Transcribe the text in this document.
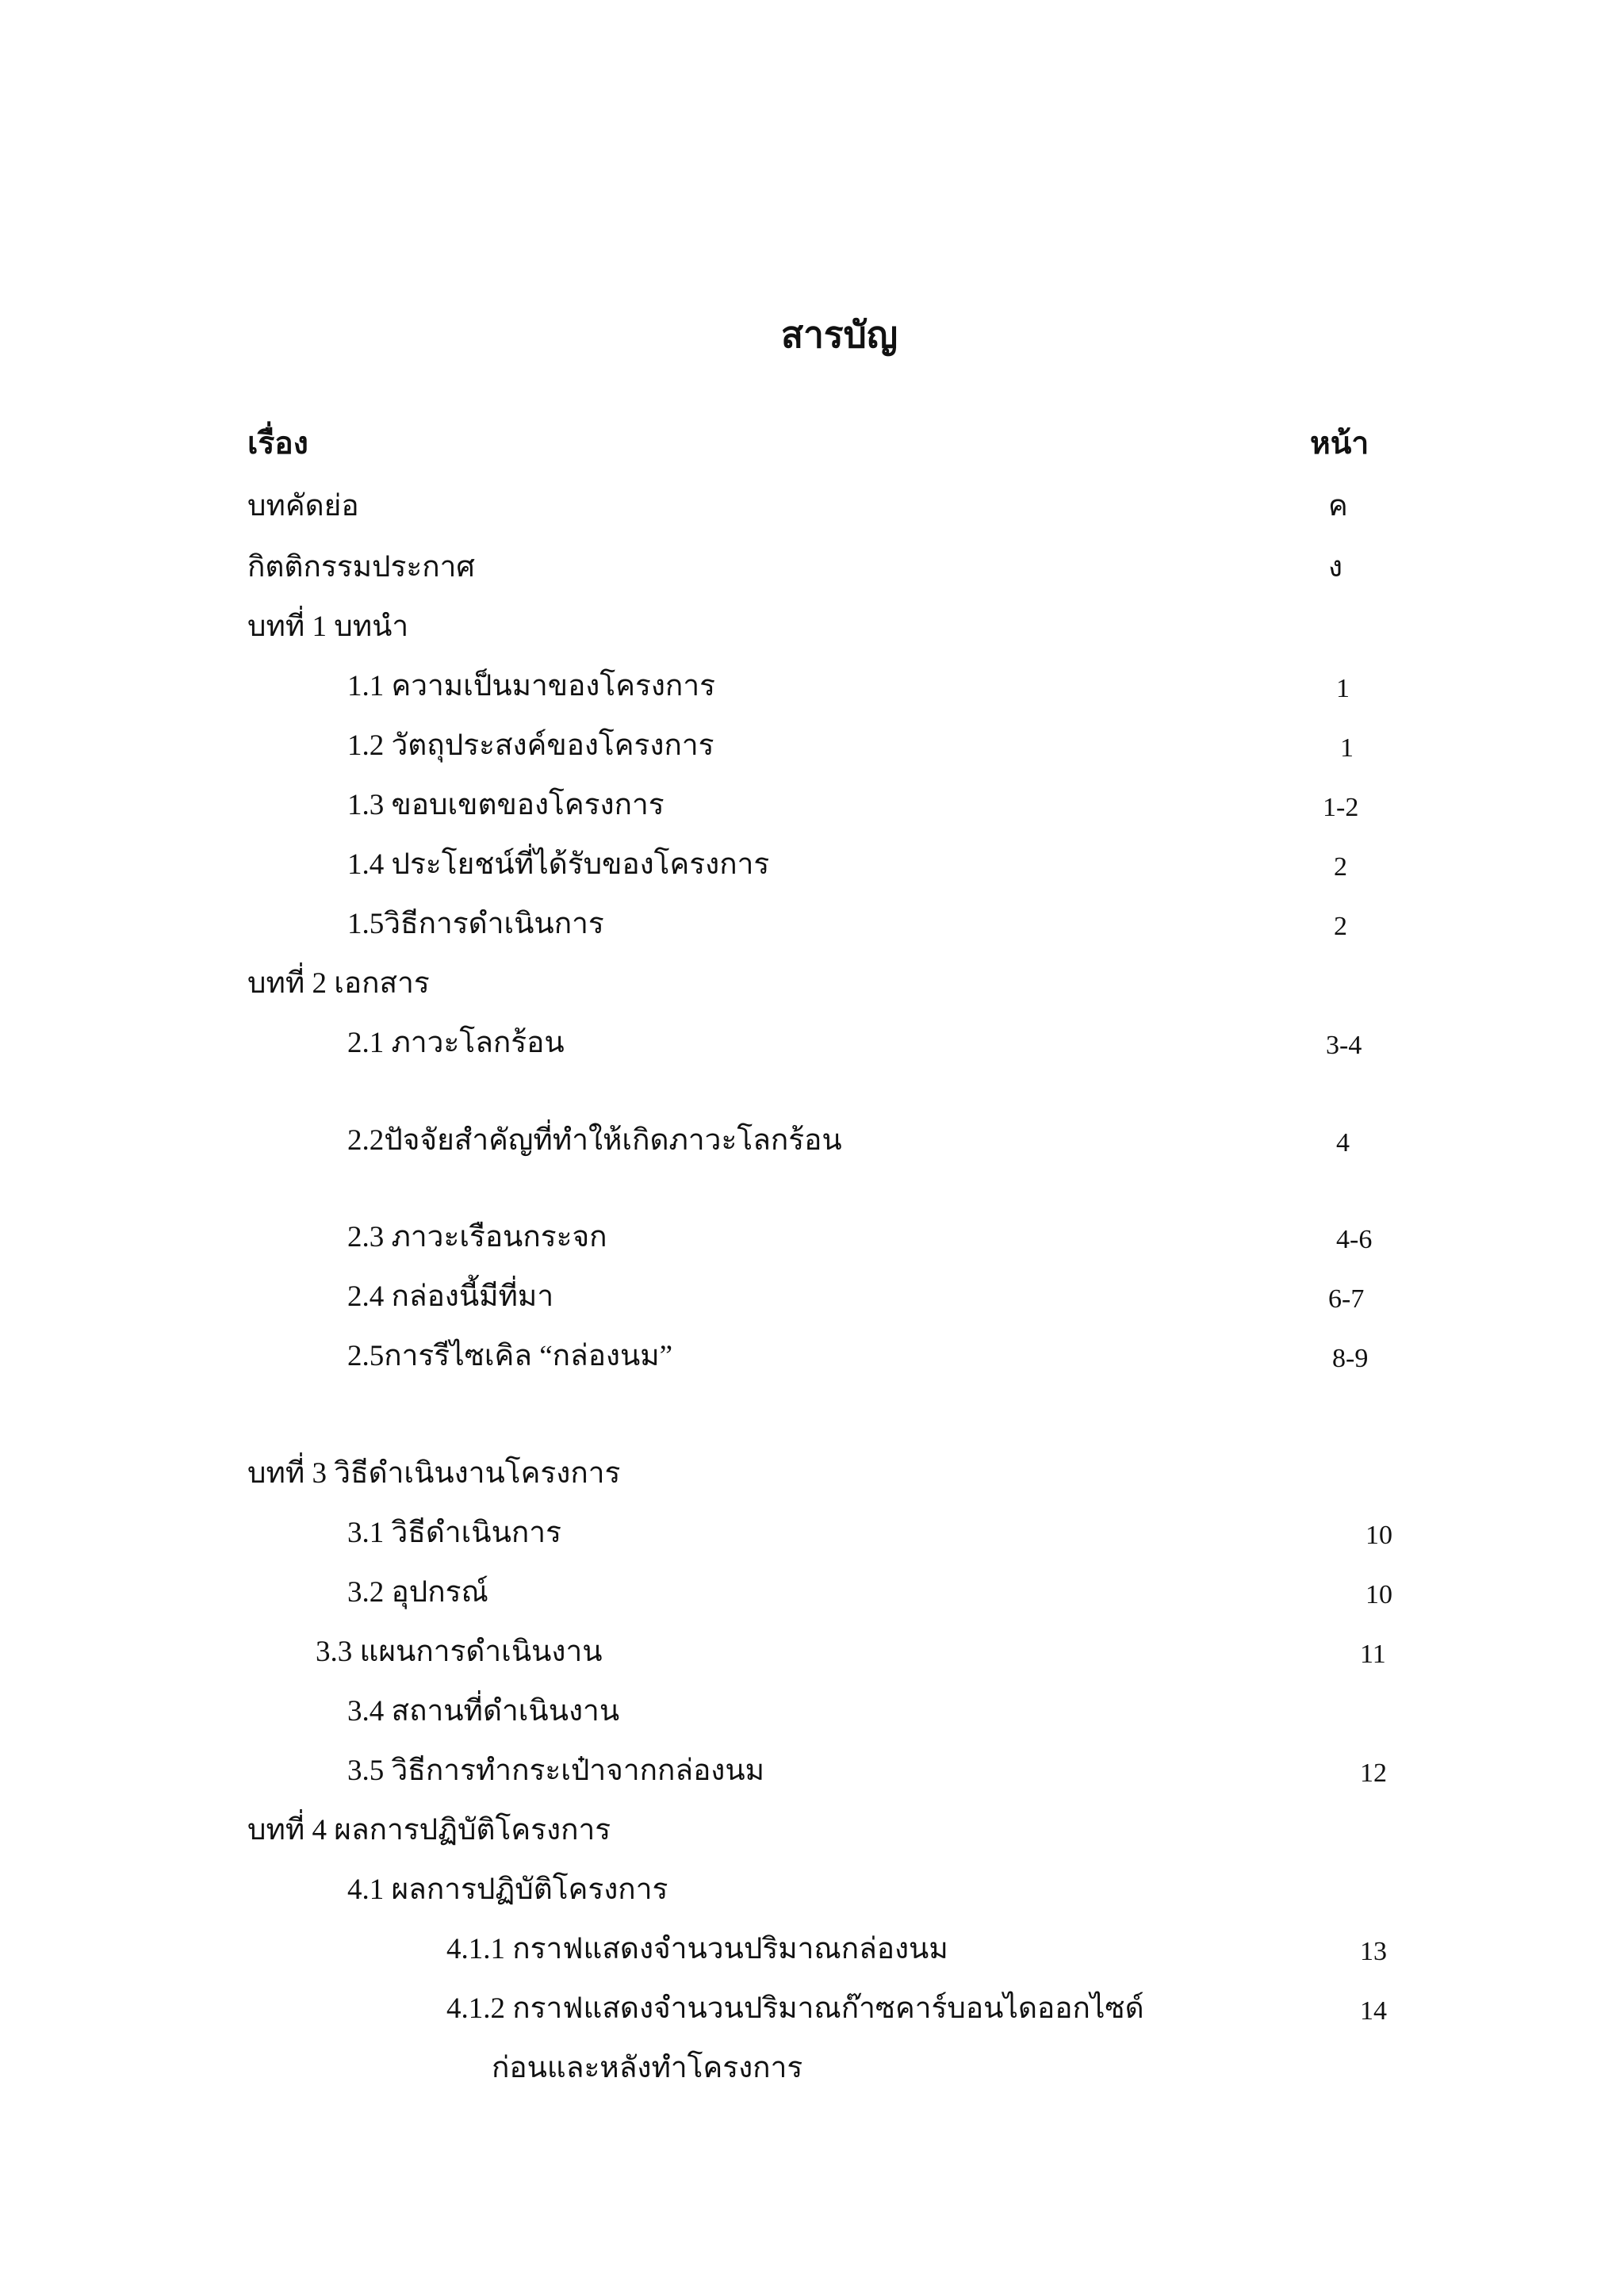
สารบัญ
เรื่อง	หน้า
บทคัดย่อ	ค
กิตติกรรมประกาศ	ง
บทที่ 1 บทนำ
1.1 ความเป็นมาของโครงการ	1
1.2 วัตถุประสงค์ของโครงการ	1
1.3 ขอบเขตของโครงการ	1-2
1.4 ประโยชน์ที่ได้รับของโครงการ	2
1.5วิธีการดำเนินการ	2
บทที่ 2 เอกสาร
2.1 ภาวะโลกร้อน	3-4
2.2ปัจจัยสำคัญที่ทำให้เกิดภาวะโลกร้อน	4
2.3 ภาวะเรือนกระจก	4-6
2.4 กล่องนี้มีที่มา	6-7
2.5การรีไซเคิล “กล่องนม”	8-9
บทที่ 3 วิธีดำเนินงานโครงการ
3.1 วิธีดำเนินการ	10
3.2 อุปกรณ์	10
3.3 แผนการดำเนินงาน	11
3.4 สถานที่ดำเนินงาน
3.5 วิธีการทำกระเป๋าจากกล่องนม	12
บทที่ 4 ผลการปฏิบัติโครงการ
4.1 ผลการปฏิบัติโครงการ
4.1.1 กราฟแสดงจำนวนปริมาณกล่องนม	13
4.1.2 กราฟแสดงจำนวนปริมาณก๊าซคาร์บอนไดออกไซด์	14
ก่อนและหลังทำโครงการ
